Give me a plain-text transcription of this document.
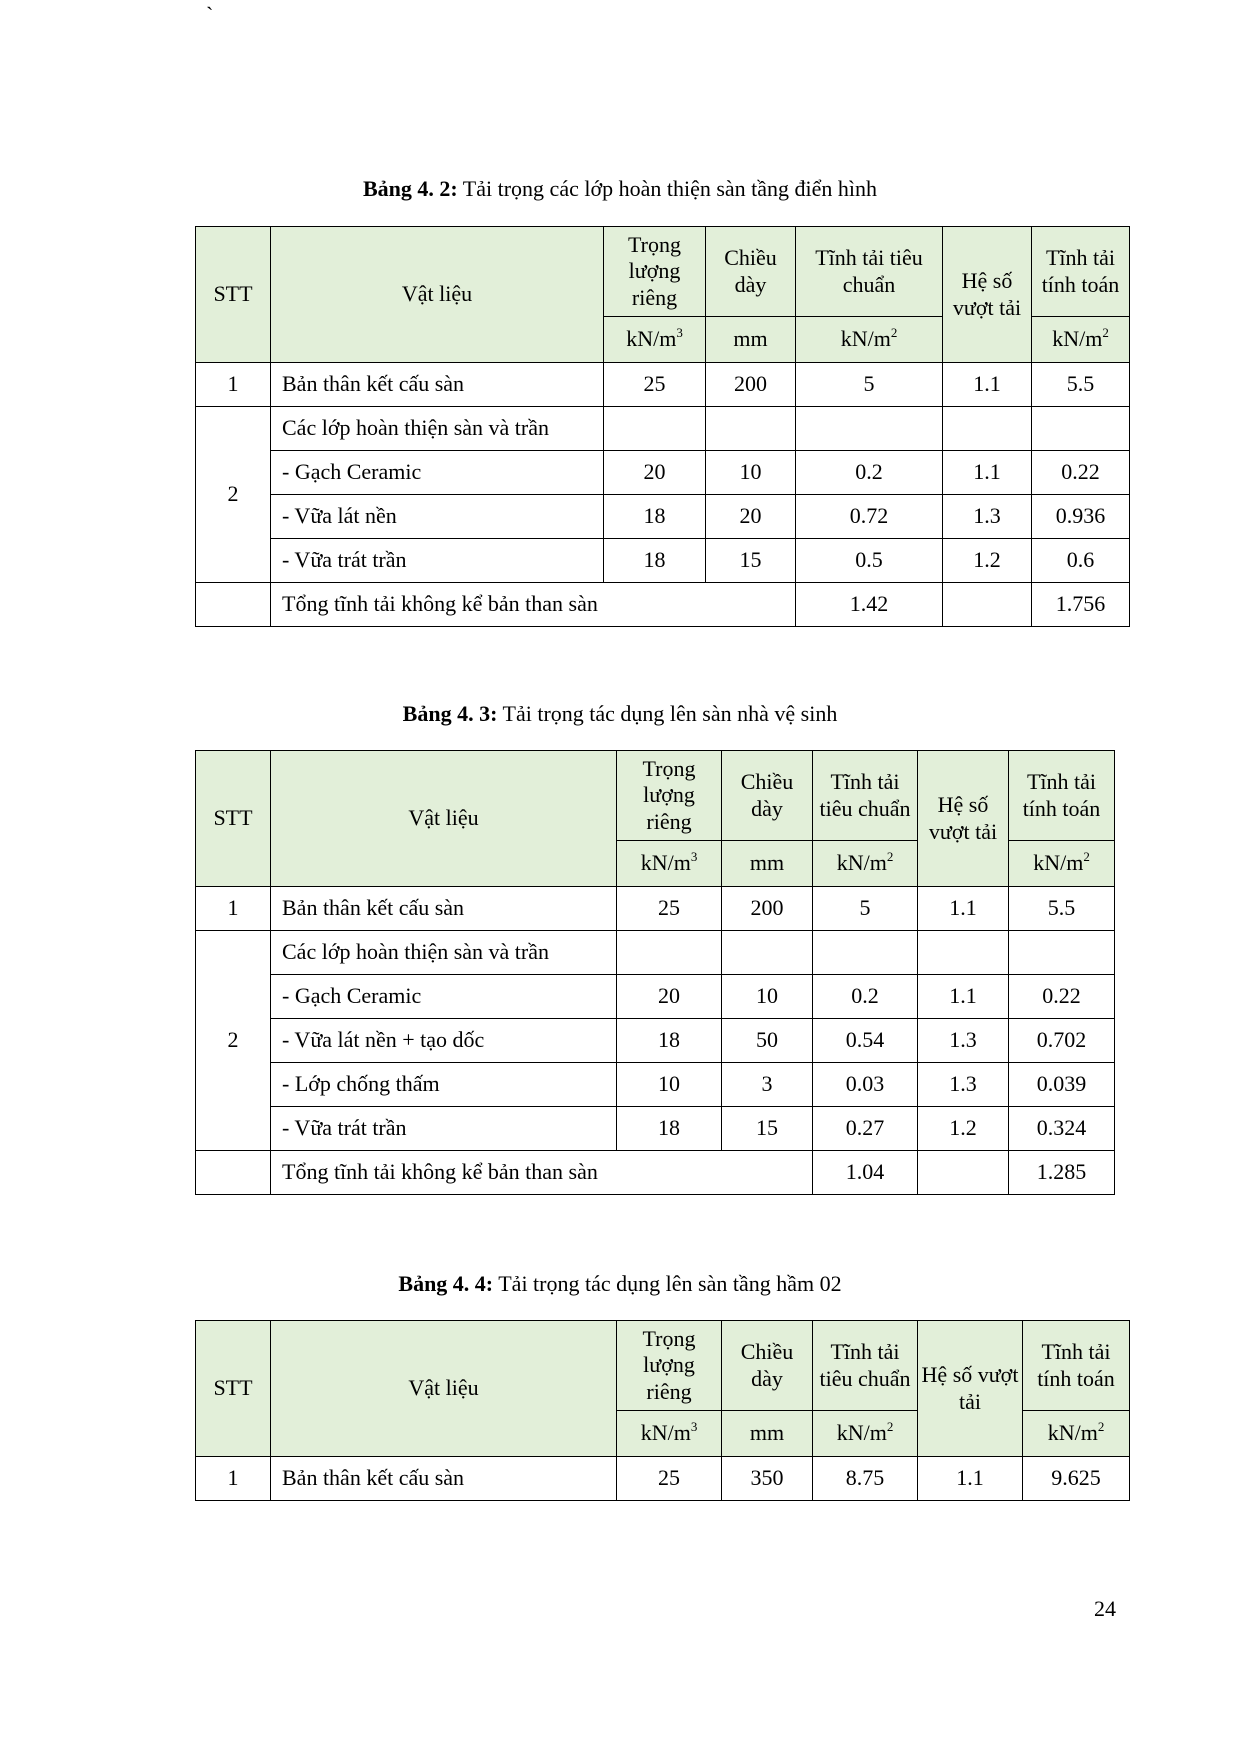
`
Bảng 4. 2: Tải trọng các lớp hoàn thiện sàn tầng điển hình
STT	Vật liệu	Trọng lượng riêng	Chiều dày	Tĩnh tải tiêu chuẩn	Hệ số vượt tải	Tĩnh tải tính toán
		$kN/m^3$	mm	$kN/m^2$		$kN/m^2$
1	Bản thân kết cấu sàn	25	200	5	1.1	5.5
2	Các lớp hoàn thiện sàn và trần					
	- Gạch Ceramic	20	10	0.2	1.1	0.22
	- Vữa lát nền	18	20	0.72	1.3	0.936
	- Vữa trát trần	18	15	0.5	1.2	0.6
	Tổng tĩnh tải không kể bản than sàn			1.42		1.756
Bảng 4. 3: Tải trọng tác dụng lên sàn nhà vệ sinh
STT	Vật liệu	Trọng lượng riêng	Chiều dày	Tĩnh tải tiêu chuẩn	Hệ số vượt tải	Tĩnh tải tính toán
		$kN/m^3$	mm	$kN/m^2$		$kN/m^2$
1	Bản thân kết cấu sàn	25	200	5	1.1	5.5
2	Các lớp hoàn thiện sàn và trần					
	- Gạch Ceramic	20	10	0.2	1.1	0.22
	- Vữa lát nền + tạo dốc	18	50	0.54	1.3	0.702
	- Lớp chống thấm	10	3	0.03	1.3	0.039
	- Vữa trát trần	18	15	0.27	1.2	0.324
	Tổng tĩnh tải không kể bản than sàn			1.04		1.285
Bảng 4. 4: Tải trọng tác dụng lên sàn tầng hầm 02
STT	Vật liệu	Trọng lượng riêng	Chiều dày	Tĩnh tải tiêu chuẩn	Hệ số vượt tải	Tĩnh tải tính toán
		$kN/m^3$	mm	$kN/m^2$		$kN/m^2$
1	Bản thân kết cấu sàn	25	350	8.75	1.1	9.625
24
